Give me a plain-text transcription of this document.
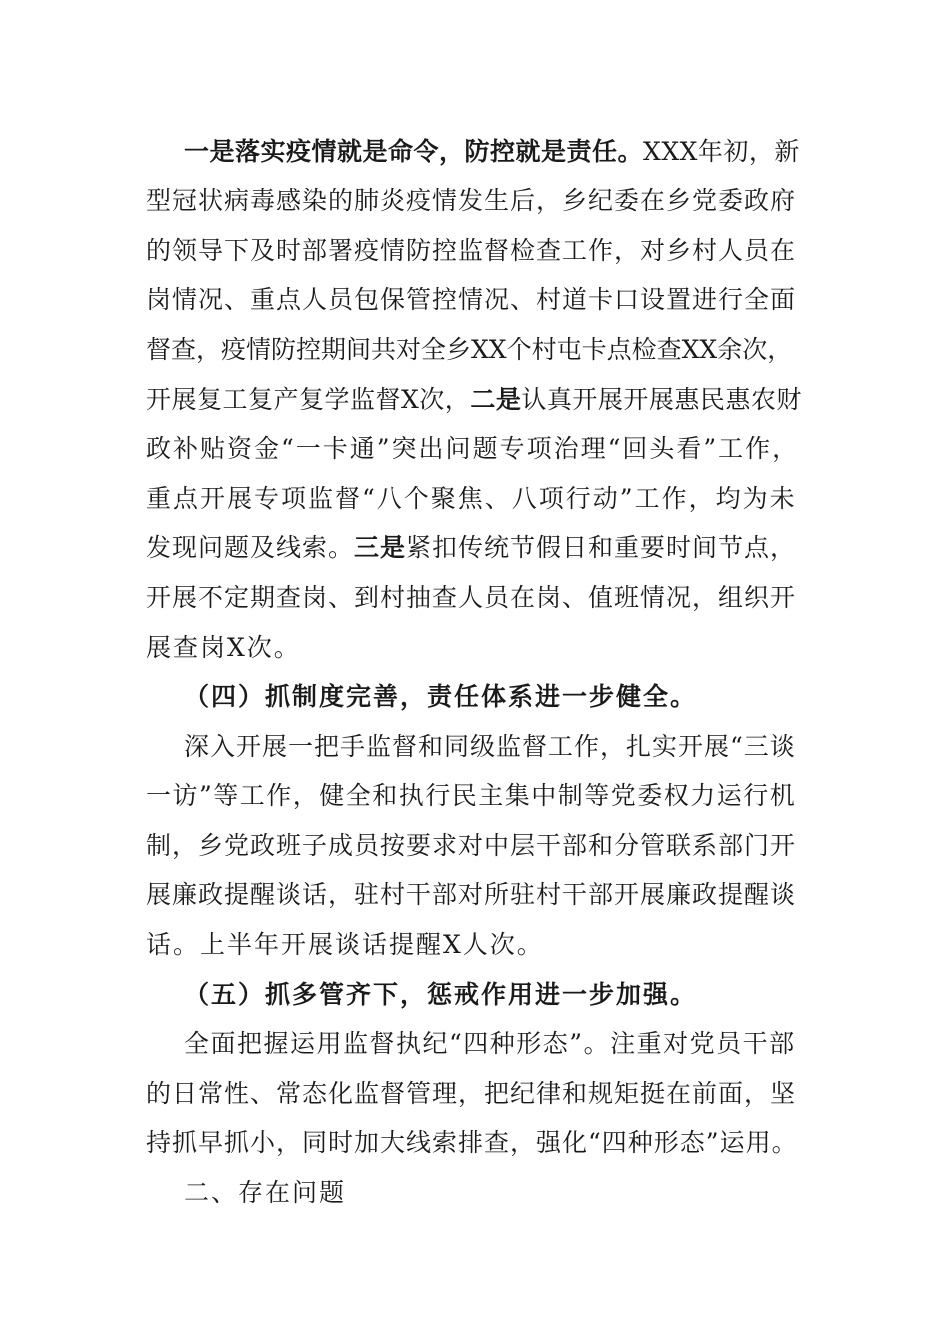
一是落实疫情就是命令，防控就是责任。XXX年初，新
型冠状病毒感染的肺炎疫情发生后，乡纪委在乡党委政府
的领导下及时部署疫情防控监督检查工作，对乡村人员在
岗情况、重点人员包保管控情况、村道卡口设置进行全面
督查，疫情防控期间共对全乡XX个村屯卡点检查XX余次，
开展复工复产复学监督X次，二是认真开展开展惠民惠农财
政补贴资金“一卡通”突出问题专项治理“回头看”工作，
重点开展专项监督“八个聚焦、八项行动”工作，均为未
发现问题及线索。三是紧扣传统节假日和重要时间节点，
开展不定期查岗、到村抽查人员在岗、值班情况，组织开
展查岗X次。
（四）抓制度完善，责任体系进一步健全。
深入开展一把手监督和同级监督工作，扎实开展“三谈
一访”等工作，健全和执行民主集中制等党委权力运行机
制，乡党政班子成员按要求对中层干部和分管联系部门开
展廉政提醒谈话，驻村干部对所驻村干部开展廉政提醒谈
话。上半年开展谈话提醒X人次。
（五）抓多管齐下，惩戒作用进一步加强。
全面把握运用监督执纪“四种形态”。注重对党员干部
的日常性、常态化监督管理，把纪律和规矩挺在前面，坚
持抓早抓小，同时加大线索排查，强化“四种形态”运用。
二、存在问题
